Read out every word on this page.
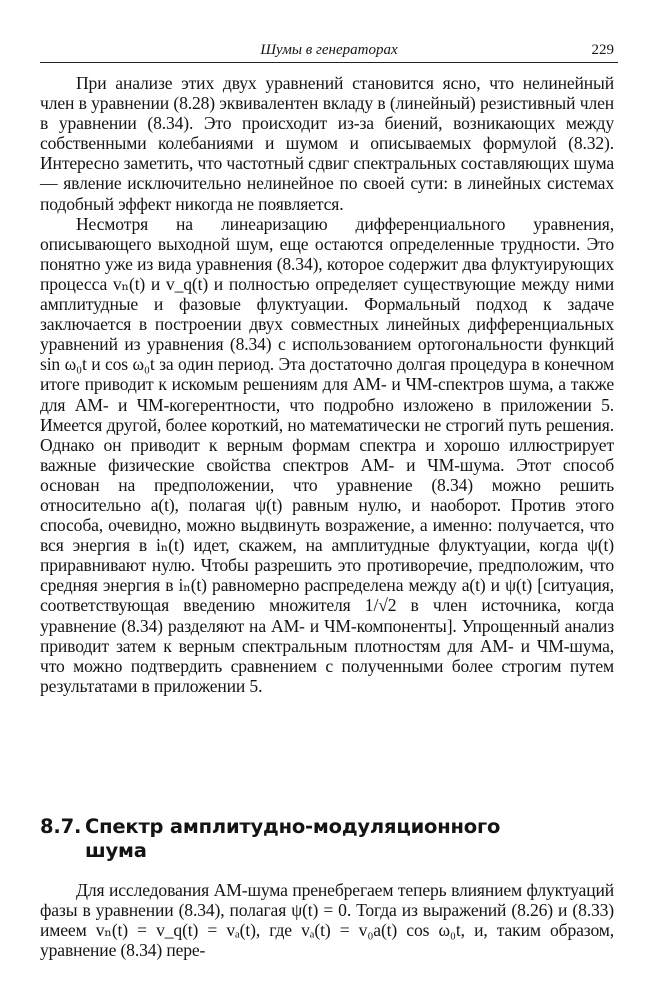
Шумы в генераторах	229

При анализе этих двух уравнений становится ясно, что нелинейный член в уравнении (8.28) эквивалентен вкладу в (линейный) резистивный член в уравнении (8.34). Это происходит из-за биений, возникающих между собственными колебаниями и шумом и описываемых формулой (8.32). Интересно заметить, что частотный сдвиг спектральных составляющих шума — явление исключительно нелинейное по своей сути: в линейных системах подобный эффект никогда не появляется.

Несмотря на линеаризацию дифференциального уравнения, описывающего выходной шум, еще остаются определенные трудности. Это понятно уже из вида уравнения (8.34), которое содержит два флуктуирующих процесса vₙ(t) и v_q(t) и полностью определяет существующие между ними амплитудные и фазовые флуктуации. Формальный подход к задаче заключается в построении двух совместных линейных дифференциальных уравнений из уравнения (8.34) с использованием ортогональности функций sin ω₀t и cos ω₀t за один период. Эта достаточно долгая процедура в конечном итоге приводит к искомым решениям для АМ- и ЧМ-спектров шума, а также для АМ- и ЧМ-когерентности, что подробно изложено в приложении 5. Имеется другой, более короткий, но математически не строгий путь решения. Однако он приводит к верным формам спектра и хорошо иллюстрирует важные физические свойства спектров АМ- и ЧМ-шума. Этот способ основан на предположении, что уравнение (8.34) можно решить относительно a(t), полагая ψ(t) равным нулю, и наоборот. Против этого способа, очевидно, можно выдвинуть возражение, а именно: получается, что вся энергия в iₙ(t) идет, скажем, на амплитудные флуктуации, когда ψ(t) приравнивают нулю. Чтобы разрешить это противоречие, предположим, что средняя энергия в iₙ(t) равномерно распределена между a(t) и ψ(t) [ситуация, соответствующая введению множителя 1/√2 в член источника, когда уравнение (8.34) разделяют на АМ- и ЧМ-компоненты]. Упрощенный анализ приводит затем к верным спектральным плотностям для АМ- и ЧМ-шума, что можно подтвердить сравнением с полученными более строгим путем результатами в приложении 5.

8.7. Спектр амплитудно-модуляционного
шума

Для исследования АМ-шума пренебрегаем теперь влиянием флуктуаций фазы в уравнении (8.34), полагая ψ(t) = 0. Тогда из выражений (8.26) и (8.33) имеем vₙ(t) = v_q(t) = vₐ(t), где vₐ(t) = v₀a(t) cos ω₀t, и, таким образом, уравнение (8.34) пере-
